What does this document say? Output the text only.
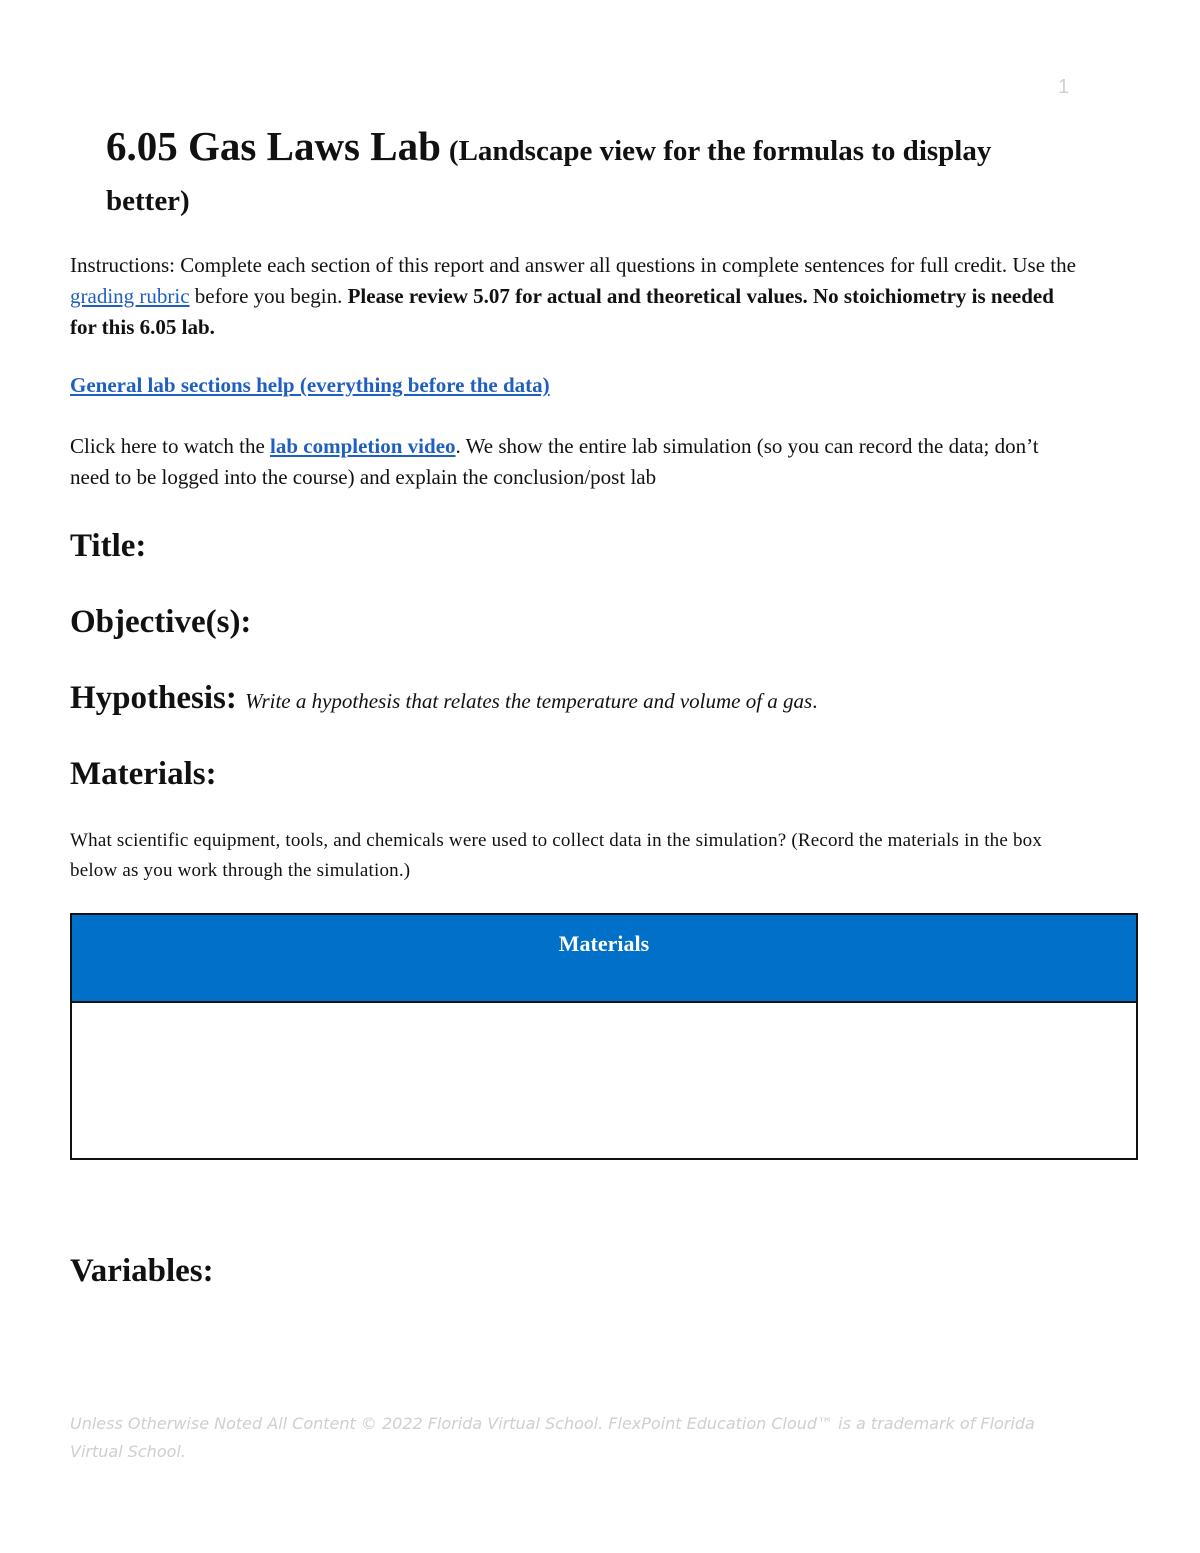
1
6.05 Gas Laws Lab (Landscape view for the formulas to display better)

Instructions: Complete each section of this report and answer all questions in complete sentences for full credit. Use the grading rubric before you begin. Please review 5.07 for actual and theoretical values. No stoichiometry is needed for this 6.05 lab.

General lab sections help (everything before the data)

Click here to watch the lab completion video. We show the entire lab simulation (so you can record the data; don’t need to be logged into the course) and explain the conclusion/post lab

Title:
Objective(s):
Hypothesis: Write a hypothesis that relates the temperature and volume of a gas.
Materials:

What scientific equipment, tools, and chemicals were used to collect data in the simulation? (Record the materials in the box below as you work through the simulation.)

Materials
Variables:

Unless Otherwise Noted All Content © 2022 Florida Virtual School. FlexPoint Education Cloud™ is a trademark of Florida Virtual School.
